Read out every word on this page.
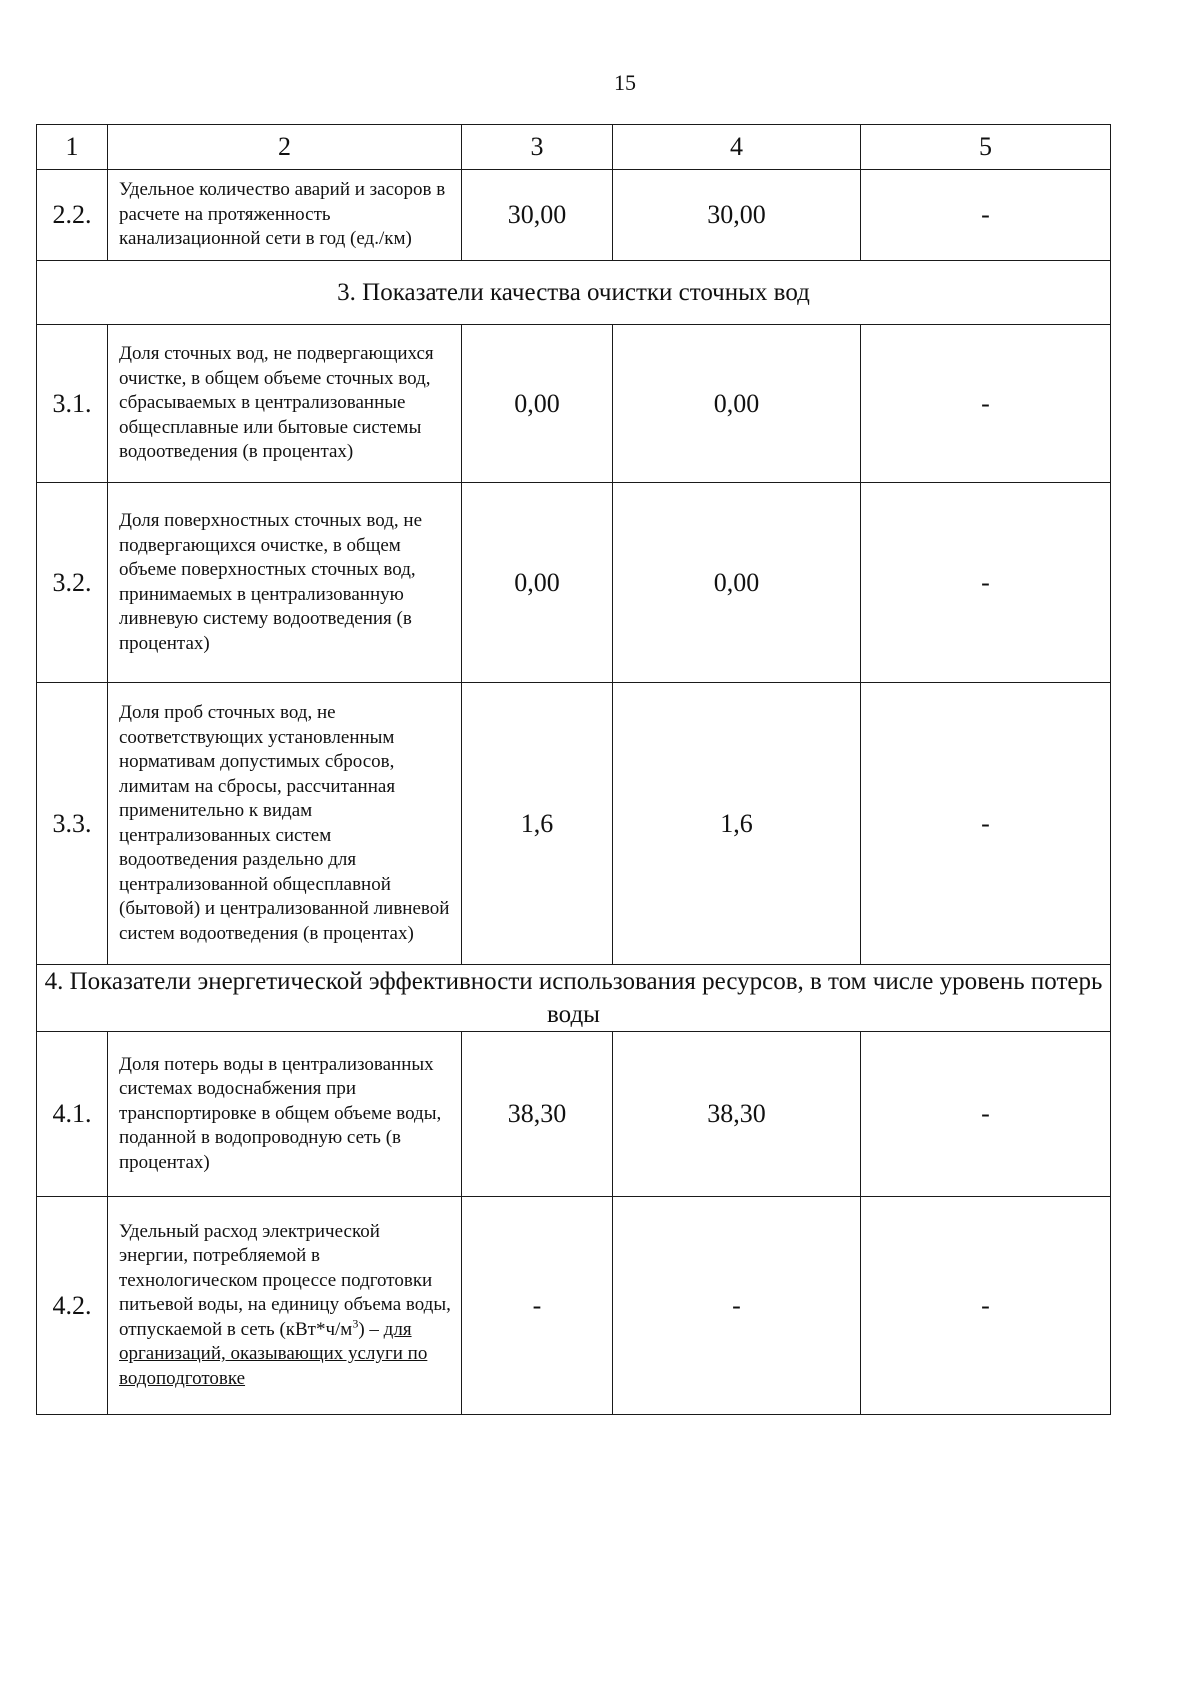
15
1	2	3	4	5
2.2.	Удельное количество аварий и засоров в расчете на протяженность канализационной сети в год (ед./км)	30,00	30,00	-
3. Показатели качества очистки сточных вод				
3.1.	Доля сточных вод, не подвергающихся очистке, в общем объеме сточных вод, сбрасываемых в централизованные общесплавные или бытовые системы водоотведения (в процентах)	0,00	0,00	-
3.2.	Доля поверхностных сточных вод, не подвергающихся очистке, в общем объеме поверхностных сточных вод, принимаемых в централизованную ливневую систему водоотведения (в процентах)	0,00	0,00	-
3.3.	Доля проб сточных вод, не соответствующих установленным нормативам допустимых сбросов, лимитам на сбросы, рассчитанная применительно к видам централизованных систем водоотведения раздельно для централизованной общесплавной (бытовой) и централизованной ливневой систем водоотведения (в процентах)	1,6	1,6	-
4. Показатели энергетической эффективности использования ресурсов, в том числе уровень потерь воды				
4.1.	Доля потерь воды в централизованных системах водоснабжения при транспортировке в общем объеме воды, поданной в водопроводную сеть (в процентах)	38,30	38,30	-
4.2.	Удельный расход электрической энергии, потребляемой в технологическом процессе подготовки питьевой воды, на единицу объема воды, отпускаемой в сеть $(кВт*ч/м^3)$ – для организаций, оказывающих услуги по водоподготовке	-	-	-
